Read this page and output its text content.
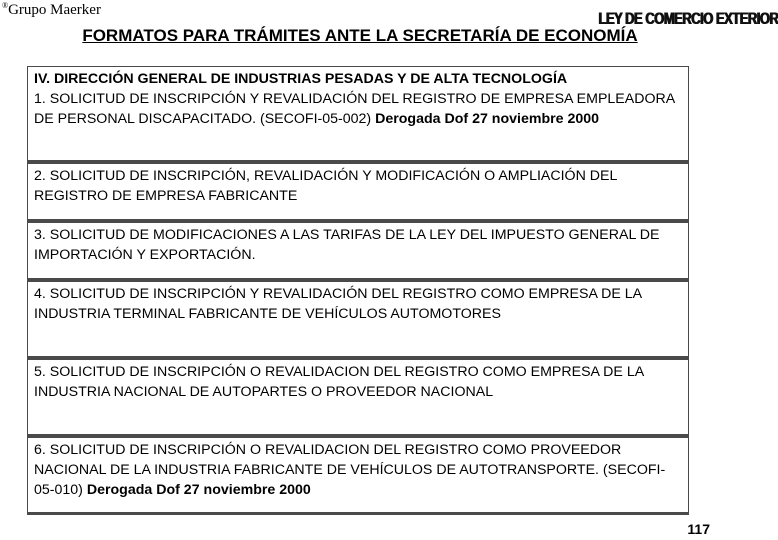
®Grupo Maerker	LEY DE COMERCIO EXTERIOR
FORMATOS PARA TRÁMITES ANTE LA SECRETARÍA DE ECONOMÍA
IV. DIRECCIÓN GENERAL DE INDUSTRIAS PESADAS Y DE ALTA TECNOLOGÍA
1. SOLICITUD DE INSCRIPCIÓN Y REVALIDACIÓN DEL REGISTRO DE EMPRESA EMPLEADORA DE PERSONAL DISCAPACITADO. (SECOFI-05-002) Derogada Dof 27 noviembre 2000
2. SOLICITUD DE INSCRIPCIÓN, REVALIDACIÓN Y MODIFICACIÓN O AMPLIACIÓN DEL REGISTRO DE EMPRESA FABRICANTE
3. SOLICITUD DE MODIFICACIONES A LAS TARIFAS DE LA LEY DEL IMPUESTO GENERAL DE IMPORTACIÓN Y EXPORTACIÓN.
4. SOLICITUD DE INSCRIPCIÓN Y REVALIDACIÓN DEL REGISTRO COMO EMPRESA DE LA INDUSTRIA TERMINAL FABRICANTE DE VEHÍCULOS AUTOMOTORES
5. SOLICITUD DE INSCRIPCIÓN O REVALIDACION DEL REGISTRO COMO EMPRESA DE LA INDUSTRIA NACIONAL DE AUTOPARTES O PROVEEDOR NACIONAL
6. SOLICITUD DE INSCRIPCIÓN O REVALIDACION DEL REGISTRO COMO PROVEEDOR NACIONAL DE LA INDUSTRIA FABRICANTE DE VEHÍCULOS DE AUTOTRANSPORTE. (SECOFI-05-010) Derogada Dof 27 noviembre 2000
117
